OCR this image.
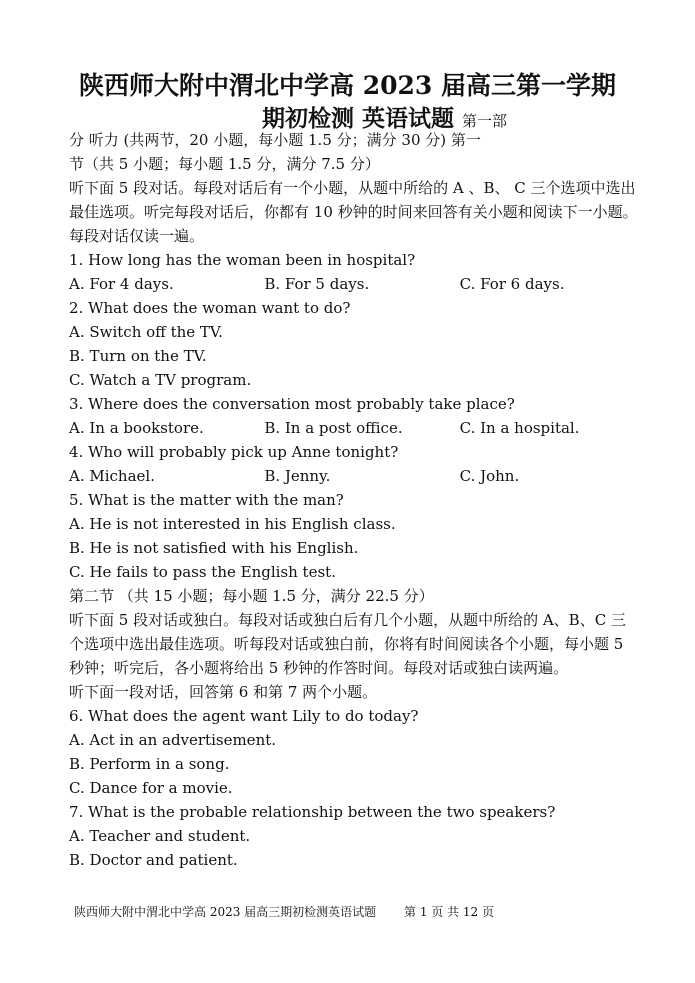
陕西师大附中渭北中学高 2023 届高三第一学期
期初检测 英语试题 第一部
分 听力 (共两节，20 小题，每小题 1.5 分；满分 30 分) 第一
节（共 5 小题；每小题 1.5 分，满分 7.5 分）
听下面 5 段对话。每段对话后有一个小题，从题中所给的 A 、B、 C 三个选项中选出最佳选项。听完每段对话后，你都有 10 秒钟的时间来回答有关小题和阅读下一小题。每段对话仅读一遍。
1. How long has the woman been in hospital?
A. For 4 days.	B. For 5 days.	C. For 6 days.
2. What does the woman want to do?
A. Switch off the TV.
B. Turn on the TV.
C. Watch a TV program.
3. Where does the conversation most probably take place?
A. In a bookstore.	B. In a post office.	C. In a hospital.
4. Who will probably pick up Anne tonight?
A. Michael.	B. Jenny.	C. John.
5. What is the matter with the man?
A. He is not interested in his English class.
B. He is not satisfied with his English.
C. He fails to pass the English test.
第二节 （共 15 小题；每小题 1.5 分，满分 22.5 分）
听下面 5 段对话或独白。每段对话或独白后有几个小题，从题中所给的 A、B、C 三个选项中选出最佳选项。听每段对话或独白前，你将有时间阅读各个小题，每小题 5 秒钟；听完后，各小题将给出 5 秒钟的作答时间。每段对话或独白读两遍。
听下面一段对话，回答第 6 和第 7 两个小题。
6. What does the agent want Lily to do today?
A. Act in an advertisement.
B. Perform in a song.
C. Dance for a movie.
7. What is the probable relationship between the two speakers?
A. Teacher and student.
B. Doctor and patient.
陕西师大附中渭北中学高 2023 届高三期初检测英语试题 第 1 页 共 12 页
